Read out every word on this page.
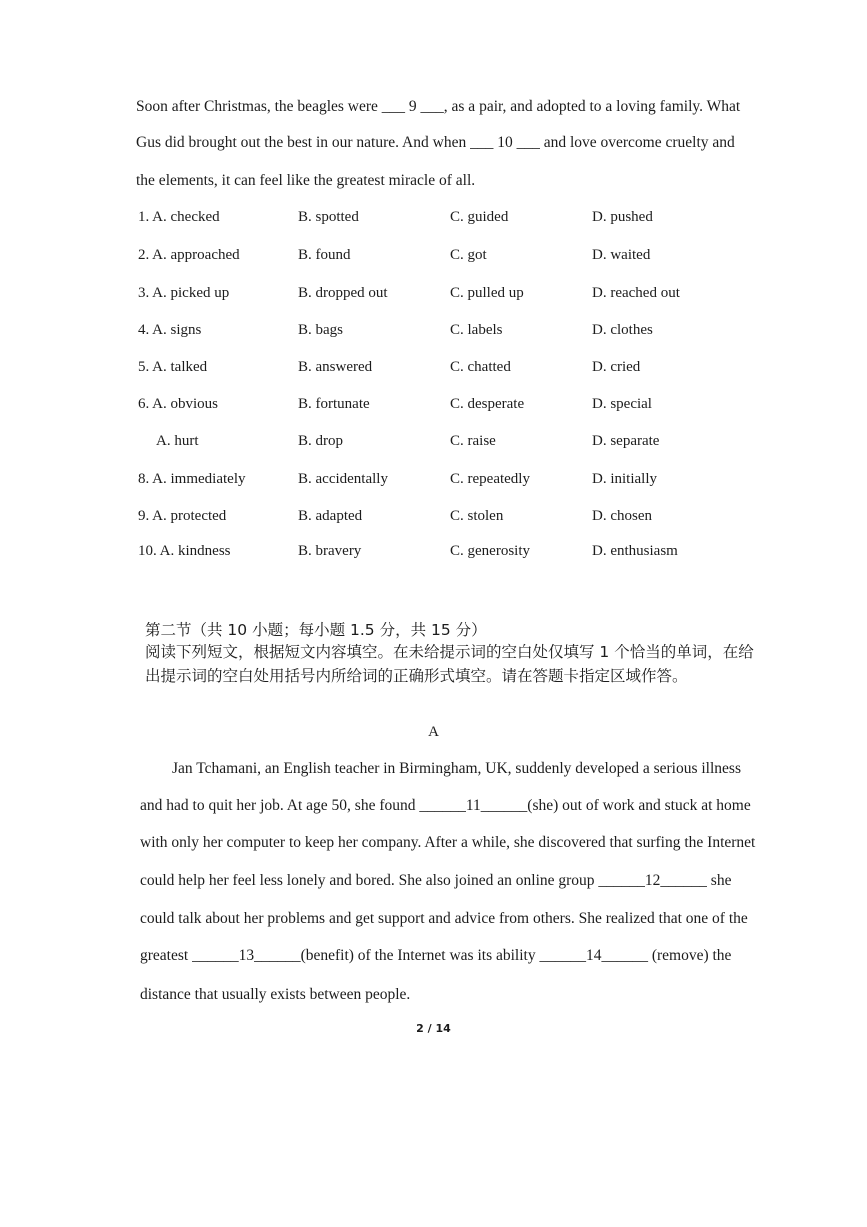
Soon after Christmas, the beagles were ___ 9 ___, as a pair, and adopted to a loving family. What
Gus did brought out the best in our nature. And when ___ 10 ___ and love overcome cruelty and
the elements, it can feel like the greatest miracle of all.
1. A. checked	B. spotted	C. guided	D. pushed
2. A. approached	B. found	C. got	D. waited
3. A. picked up	B. dropped out	C. pulled up	D. reached out
4. A. signs	B. bags	C. labels	D. clothes
5. A. talked	B. answered	C. chatted	D. cried
6. A. obvious	B. fortunate	C. desperate	D. special
A. hurt	B. drop	C. raise	D. separate
8. A. immediately	B. accidentally	C. repeatedly	D. initially
9. A. protected	B. adapted	C. stolen	D. chosen
10. A. kindness	B. bravery	C. generosity	D. enthusiasm
第二节（共 10 小题；每小题 1.5 分，共 15 分）
阅读下列短文，根据短文内容填空。在未给提示词的空白处仅填写 1 个恰当的单词，在给出提示词的空白处用括号内所给词的正确形式填空。请在答题卡指定区域作答。
A
Jan Tchamani, an English teacher in Birmingham, UK, suddenly developed a serious illness
and had to quit her job. At age 50, she found ______11______(she) out of work and stuck at home
with only her computer to keep her company. After a while, she discovered that surfing the Internet
could help her feel less lonely and bored. She also joined an online group ______12______ she
could talk about her problems and get support and advice from others. She realized that one of the
greatest ______13______(benefit) of the Internet was its ability ______14______ (remove) the
distance that usually exists between people.
2 / 14
